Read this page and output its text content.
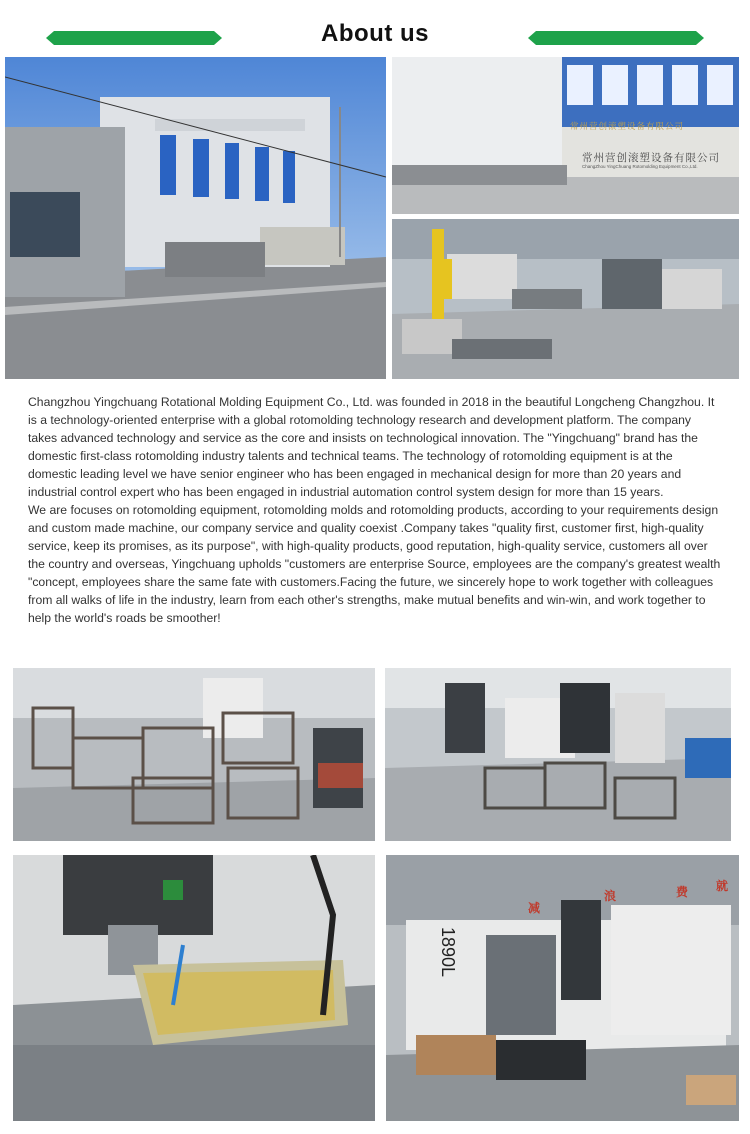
About us
常州营创滚塑设备有限公司
常州营创滚塑设备有限公司
ChangZhou YingChuang Rotomolding Equipment Co.,Ltd.

Changzhou Yingchuang Rotational Molding Equipment Co., Ltd. was founded in 2018 in the beautiful Longcheng Changzhou. It is a technology-oriented enterprise with a global rotomolding technology research and development platform. The company takes advanced technology and service as the core and insists on technological innovation. The "Yingchuang" brand has the domestic first-class rotomolding industry talents and technical teams. The technology of rotomolding equipment is at the domestic leading level we have senior engineer who has been engaged in mechanical design for more than 20 years and industrial control expert who has been engaged in industrial automation control system design for more than 15 years.

We are focuses on rotomolding equipment, rotomolding molds and rotomolding products, according to your requirements design and custom made machine, our company service and quality coexist .Company takes "quality first, customer first, high-quality service, keep its promises, as its purpose", with high-quality products, good reputation, high-quality service, customers all over the country and overseas, Yingchuang upholds "customers are enterprise Source, employees are the company's greatest wealth "concept, employees share the same fate with customers.Facing the future, we sincerely hope to work together with colleagues from all walks of life in the industry, learn from each other's strengths, make mutual benefits and win-win, and work together to help the world's roads be smoother!

1890L
减
浪	费 就
